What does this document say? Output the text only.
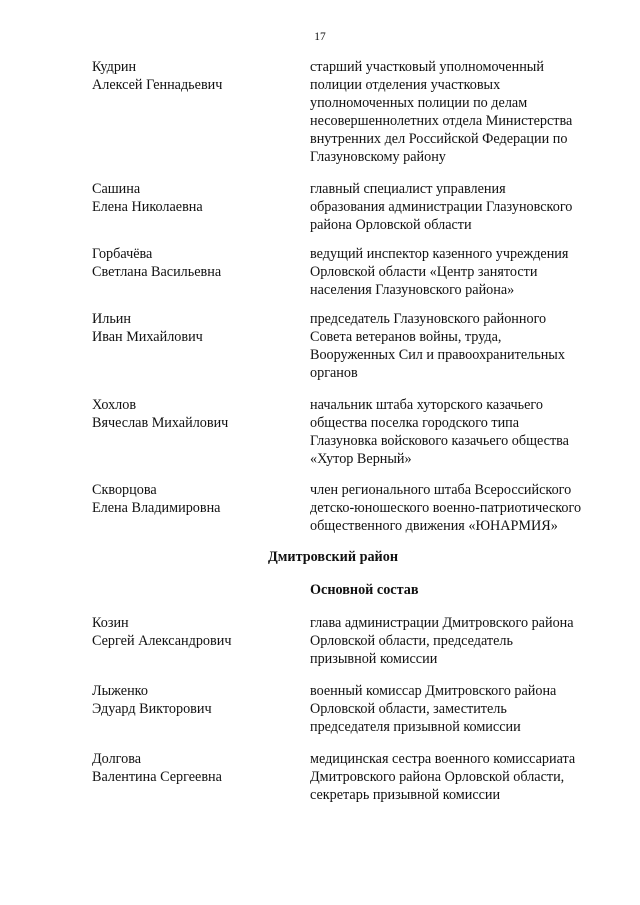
17
Кудрин
Алексей Геннадьевич
старший участковый уполномоченный
полиции отделения участковых
уполномоченных полиции по делам
несовершеннолетних отдела Министерства
внутренних дел Российской Федерации по
Глазуновскому району
Сашина
Елена Николаевна
главный специалист управления
образования администрации Глазуновского
района Орловской области
Горбачёва
Светлана Васильевна
ведущий инспектор казенного учреждения
Орловской области «Центр занятости
населения Глазуновского района»
Ильин
Иван Михайлович
председатель Глазуновского районного
Совета ветеранов войны, труда,
Вооруженных Сил и правоохранительных
органов
Хохлов
Вячеслав Михайлович
начальник штаба хуторского казачьего
общества поселка городского типа
Глазуновка войскового казачьего общества
«Хутор Верный»
Скворцова
Елена Владимировна
член регионального штаба Всероссийского
детско-юношеского военно-патриотического
общественного движения «ЮНАРМИЯ»
Дмитровский район
Основной состав
Козин
Сергей Александрович
глава администрации Дмитровского района
Орловской области, председатель
призывной комиссии
Лыженко
Эдуард Викторович
военный комиссар Дмитровского района
Орловской области, заместитель
председателя призывной комиссии
Долгова
Валентина Сергеевна
медицинская сестра военного комиссариата
Дмитровского района Орловской области,
секретарь призывной комиссии
